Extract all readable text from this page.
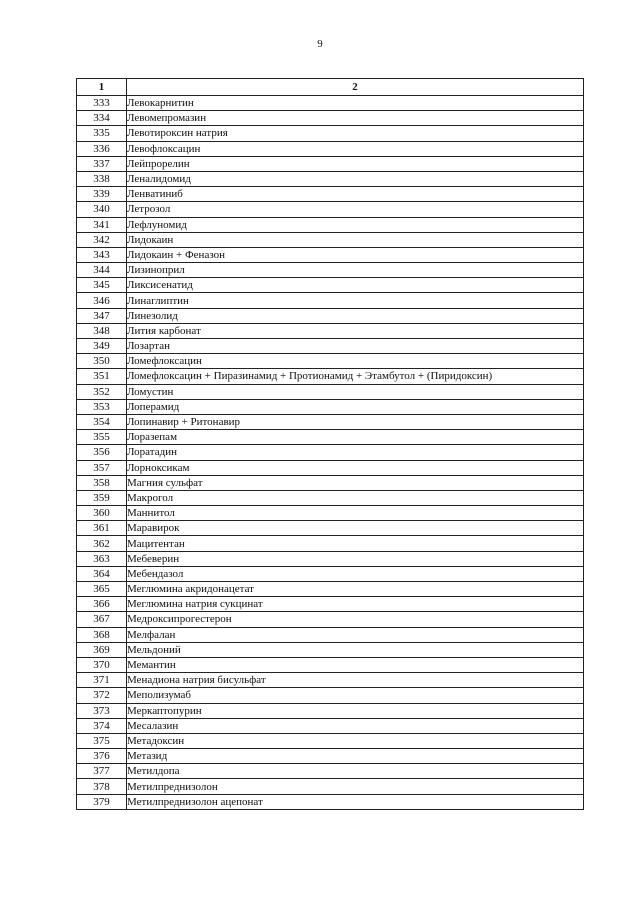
9
1	2
333	Левокарнитин
334	Левомепромазин
335	Левотироксин натрия
336	Левофлоксацин
337	Лейпрорелин
338	Леналидомид
339	Ленватиниб
340	Летрозол
341	Лефлуномид
342	Лидокаин
343	Лидокаин + Феназон
344	Лизиноприл
345	Ликсисенатид
346	Линаглиптин
347	Линезолид
348	Лития карбонат
349	Лозартан
350	Ломефлоксацин
351	Ломефлоксацин + Пиразинамид + Протионамид + Этамбутол + (Пиридоксин)
352	Ломустин
353	Лоперамид
354	Лопинавир + Ритонавир
355	Лоразепам
356	Лоратадин
357	Лорноксикам
358	Магния сульфат
359	Макрогол
360	Маннитол
361	Маравирок
362	Мацитентан
363	Мебеверин
364	Мебендазол
365	Меглюмина акридонацетат
366	Меглюмина натрия сукцинат
367	Медроксипрогестерон
368	Мелфалан
369	Мельдоний
370	Мемантин
371	Менадиона натрия бисульфат
372	Меполизумаб
373	Меркаптопурин
374	Месалазин
375	Метадоксин
376	Метазид
377	Метилдопа
378	Метилпреднизолон
379	Метилпреднизолон ацепонат
